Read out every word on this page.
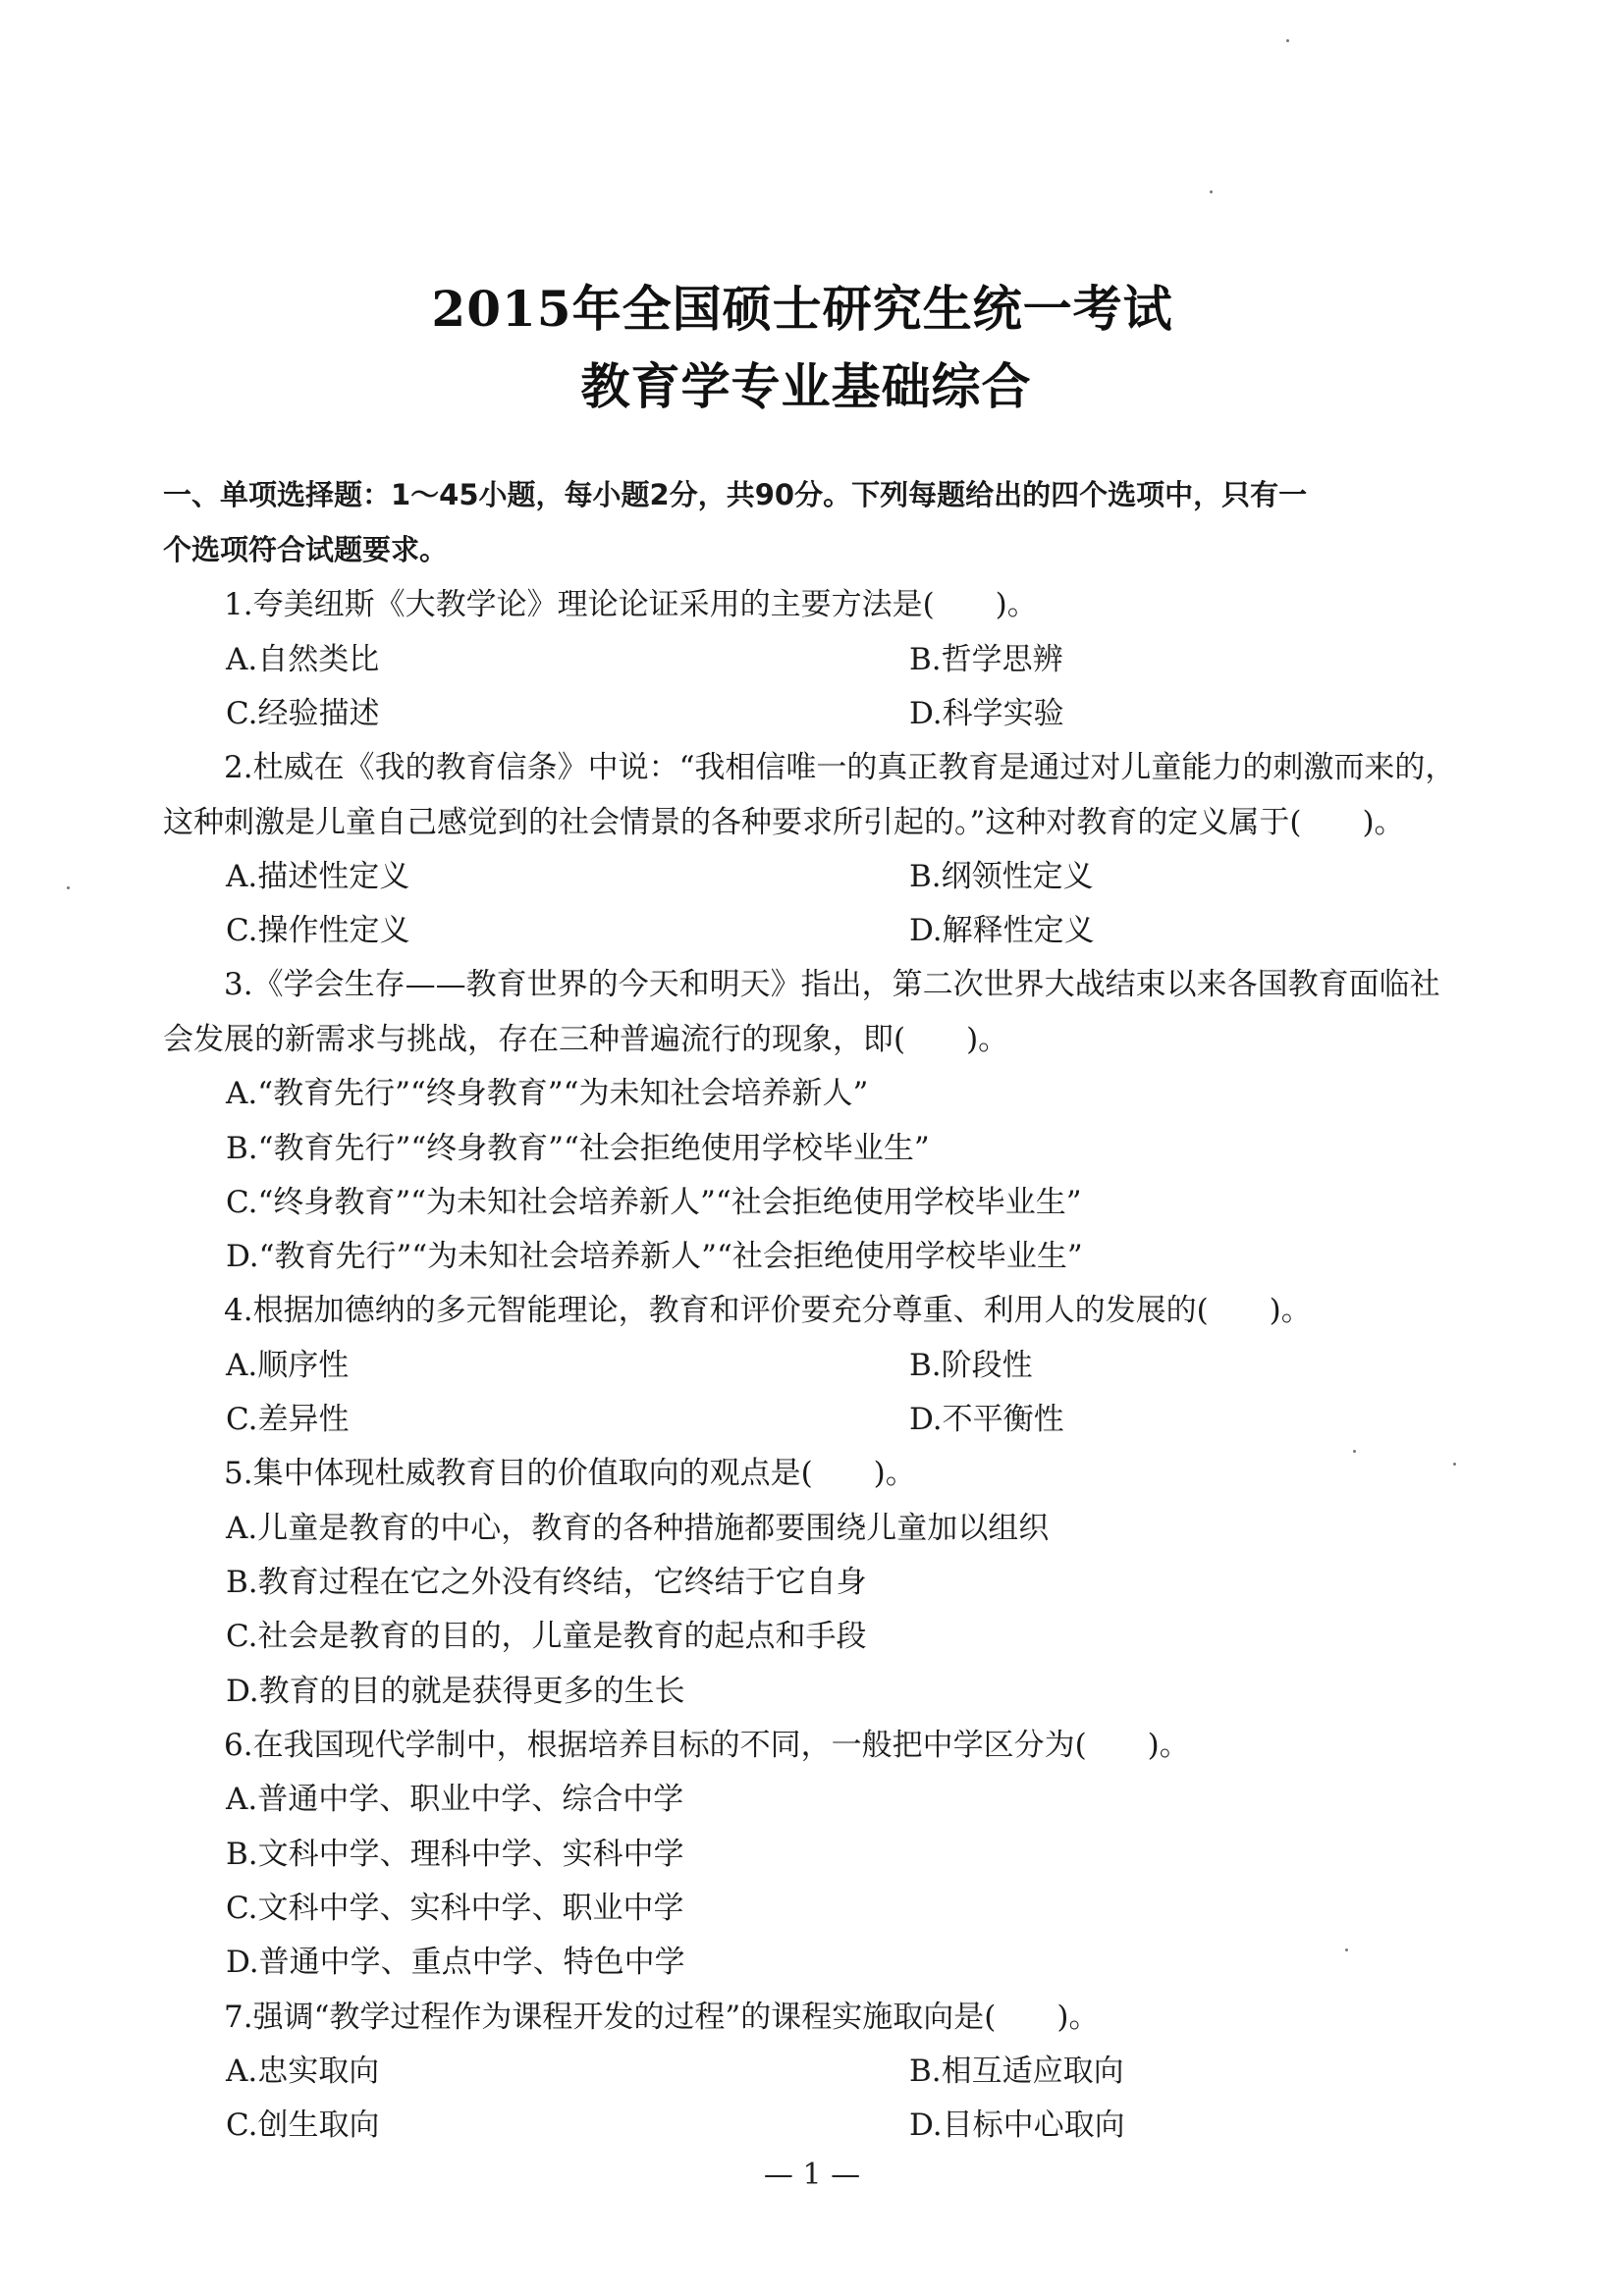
2015年全国硕士研究生统一考试
教育学专业基础综合
一、单项选择题：1～45小题，每小题2分，共90分。下列每题给出的四个选项中，只有一
个选项符合试题要求。
1.夸美纽斯《大教学论》理论论证采用的主要方法是(　　)。
A.自然类比	B.哲学思辨
C.经验描述	D.科学实验
2.杜威在《我的教育信条》中说：“我相信唯一的真正教育是通过对儿童能力的刺激而来的，
这种刺激是儿童自己感觉到的社会情景的各种要求所引起的。”这种对教育的定义属于(　　)。
A.描述性定义	B.纲领性定义
C.操作性定义	D.解释性定义
3.《学会生存——教育世界的今天和明天》指出，第二次世界大战结束以来各国教育面临社
会发展的新需求与挑战，存在三种普遍流行的现象，即(　　)。
A.“教育先行”“终身教育”“为未知社会培养新人”
B.“教育先行”“终身教育”“社会拒绝使用学校毕业生”
C.“终身教育”“为未知社会培养新人”“社会拒绝使用学校毕业生”
D.“教育先行”“为未知社会培养新人”“社会拒绝使用学校毕业生”
4.根据加德纳的多元智能理论，教育和评价要充分尊重、利用人的发展的(　　)。
A.顺序性	B.阶段性
C.差异性	D.不平衡性
5.集中体现杜威教育目的价值取向的观点是(　　)。
A.儿童是教育的中心，教育的各种措施都要围绕儿童加以组织
B.教育过程在它之外没有终结，它终结于它自身
C.社会是教育的目的，儿童是教育的起点和手段
D.教育的目的就是获得更多的生长
6.在我国现代学制中，根据培养目标的不同，一般把中学区分为(　　)。
A.普通中学、职业中学、综合中学
B.文科中学、理科中学、实科中学
C.文科中学、实科中学、职业中学
D.普通中学、重点中学、特色中学
7.强调“教学过程作为课程开发的过程”的课程实施取向是(　　)。
A.忠实取向	B.相互适应取向
C.创生取向	D.目标中心取向
— 1 —
